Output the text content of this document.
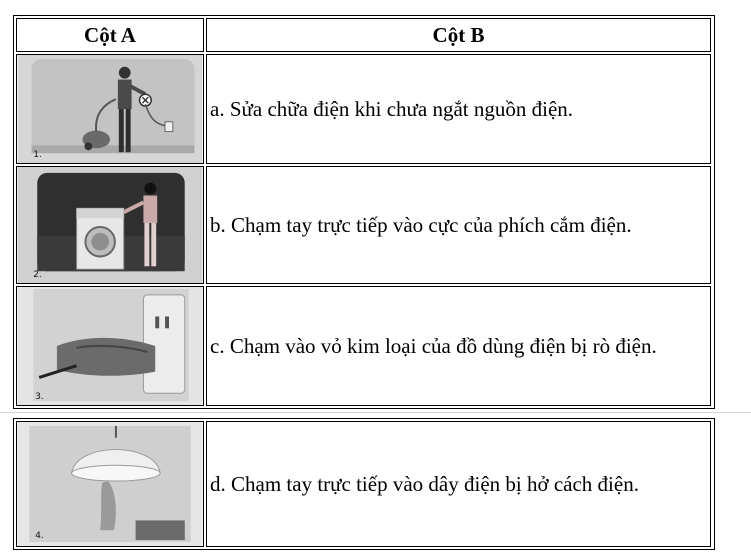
Cột A	Cột B
1.
a. Sửa chữa điện khi chưa ngắt nguồn điện.
2.
b. Chạm tay trực tiếp vào cực của phích cắm điện.
3.
c. Chạm vào vỏ kim loại của đồ dùng điện bị rò điện.
4.
d. Chạm tay trực tiếp vào dây điện bị hở cách điện.
